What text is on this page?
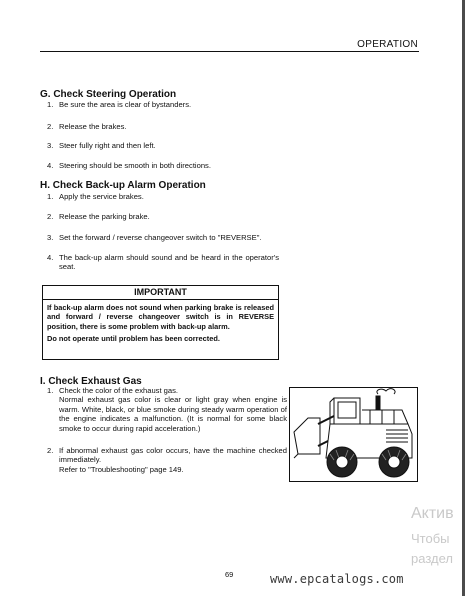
OPERATION
G. Check Steering Operation
1. Be sure the area is clear of bystanders.
2. Release the brakes.
3. Steer fully right and then left.
4. Steering should be smooth in both directions.
H. Check Back-up Alarm Operation
1. Apply the service brakes.
2. Release the parking brake.
3. Set the forward / reverse changeover switch to "REVERSE".
4. The back-up alarm should sound and be heard in the operator's seat.
IMPORTANT

If back-up alarm does not sound when parking brake is released and forward / reverse changeover switch is in REVERSE position, there is some problem with back-up alarm.

Do not operate until problem has been corrected.

I. Check Exhaust Gas
1. Check the color of the exhaust gas.
Normal exhaust gas color is clear or light gray when engine is warm. White, black, or blue smoke during steady warm operation of the engine indicates a malfunction. (It is normal for some black smoke to occur during rapid acceleration.)
2. If abnormal exhaust gas color occurs, have the machine checked immediately.
Refer to "Troubleshooting" page 149.
69	www.epcatalogs.com
Актив
Чтобы
раздел
